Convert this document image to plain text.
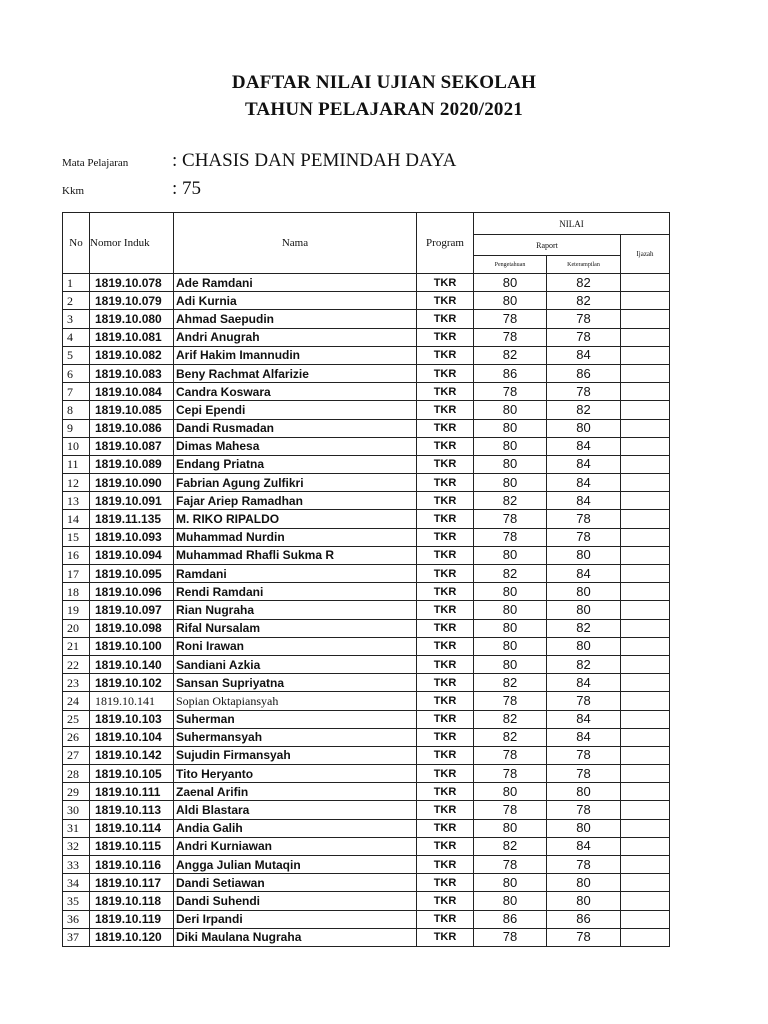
DAFTAR NILAI UJIAN SEKOLAH
TAHUN PELAJARAN 2020/2021
Mata Pelajaran : CHASIS DAN PEMINDAH DAYA
Kkm	: 75
No	Nomor Induk	Nama	Program	NILAI		
				Raport		Ijazah
				Pengetahuan	Keterampilan	
1	1819.10.078	Ade Ramdani	TKR	80	82	
2	1819.10.079	Adi Kurnia	TKR	80	82	
3	1819.10.080	Ahmad Saepudin	TKR	78	78	
4	1819.10.081	Andri Anugrah	TKR	78	78	
5	1819.10.082	Arif Hakim Imannudin	TKR	82	84	
6	1819.10.083	Beny Rachmat Alfarizie	TKR	86	86	
7	1819.10.084	Candra Koswara	TKR	78	78	
8	1819.10.085	Cepi Ependi	TKR	80	82	
9	1819.10.086	Dandi Rusmadan	TKR	80	80	
10	1819.10.087	Dimas Mahesa	TKR	80	84	
11	1819.10.089	Endang Priatna	TKR	80	84	
12	1819.10.090	Fabrian Agung Zulfikri	TKR	80	84	
13	1819.10.091	Fajar Ariep Ramadhan	TKR	82	84	
14	1819.11.135	M. RIKO RIPALDO	TKR	78	78	
15	1819.10.093	Muhammad Nurdin	TKR	78	78	
16	1819.10.094	Muhammad Rhafli Sukma R	TKR	80	80	
17	1819.10.095	Ramdani	TKR	82	84	
18	1819.10.096	Rendi Ramdani	TKR	80	80	
19	1819.10.097	Rian Nugraha	TKR	80	80	
20	1819.10.098	Rifal Nursalam	TKR	80	82	
21	1819.10.100	Roni Irawan	TKR	80	80	
22	1819.10.140	Sandiani Azkia	TKR	80	82	
23	1819.10.102	Sansan Supriyatna	TKR	82	84	
24	1819.10.141	Sopian Oktapiansyah	TKR	78	78	
25	1819.10.103	Suherman	TKR	82	84	
26	1819.10.104	Suhermansyah	TKR	82	84	
27	1819.10.142	Sujudin Firmansyah	TKR	78	78	
28	1819.10.105	Tito Heryanto	TKR	78	78	
29	1819.10.111	Zaenal Arifin	TKR	80	80	
30	1819.10.113	Aldi Blastara	TKR	78	78	
31	1819.10.114	Andia Galih	TKR	80	80	
32	1819.10.115	Andri Kurniawan	TKR	82	84	
33	1819.10.116	Angga Julian Mutaqin	TKR	78	78	
34	1819.10.117	Dandi Setiawan	TKR	80	80	
35	1819.10.118	Dandi Suhendi	TKR	80	80	
36	1819.10.119	Deri Irpandi	TKR	86	86	
37	1819.10.120	Diki Maulana Nugraha	TKR	78	78	
